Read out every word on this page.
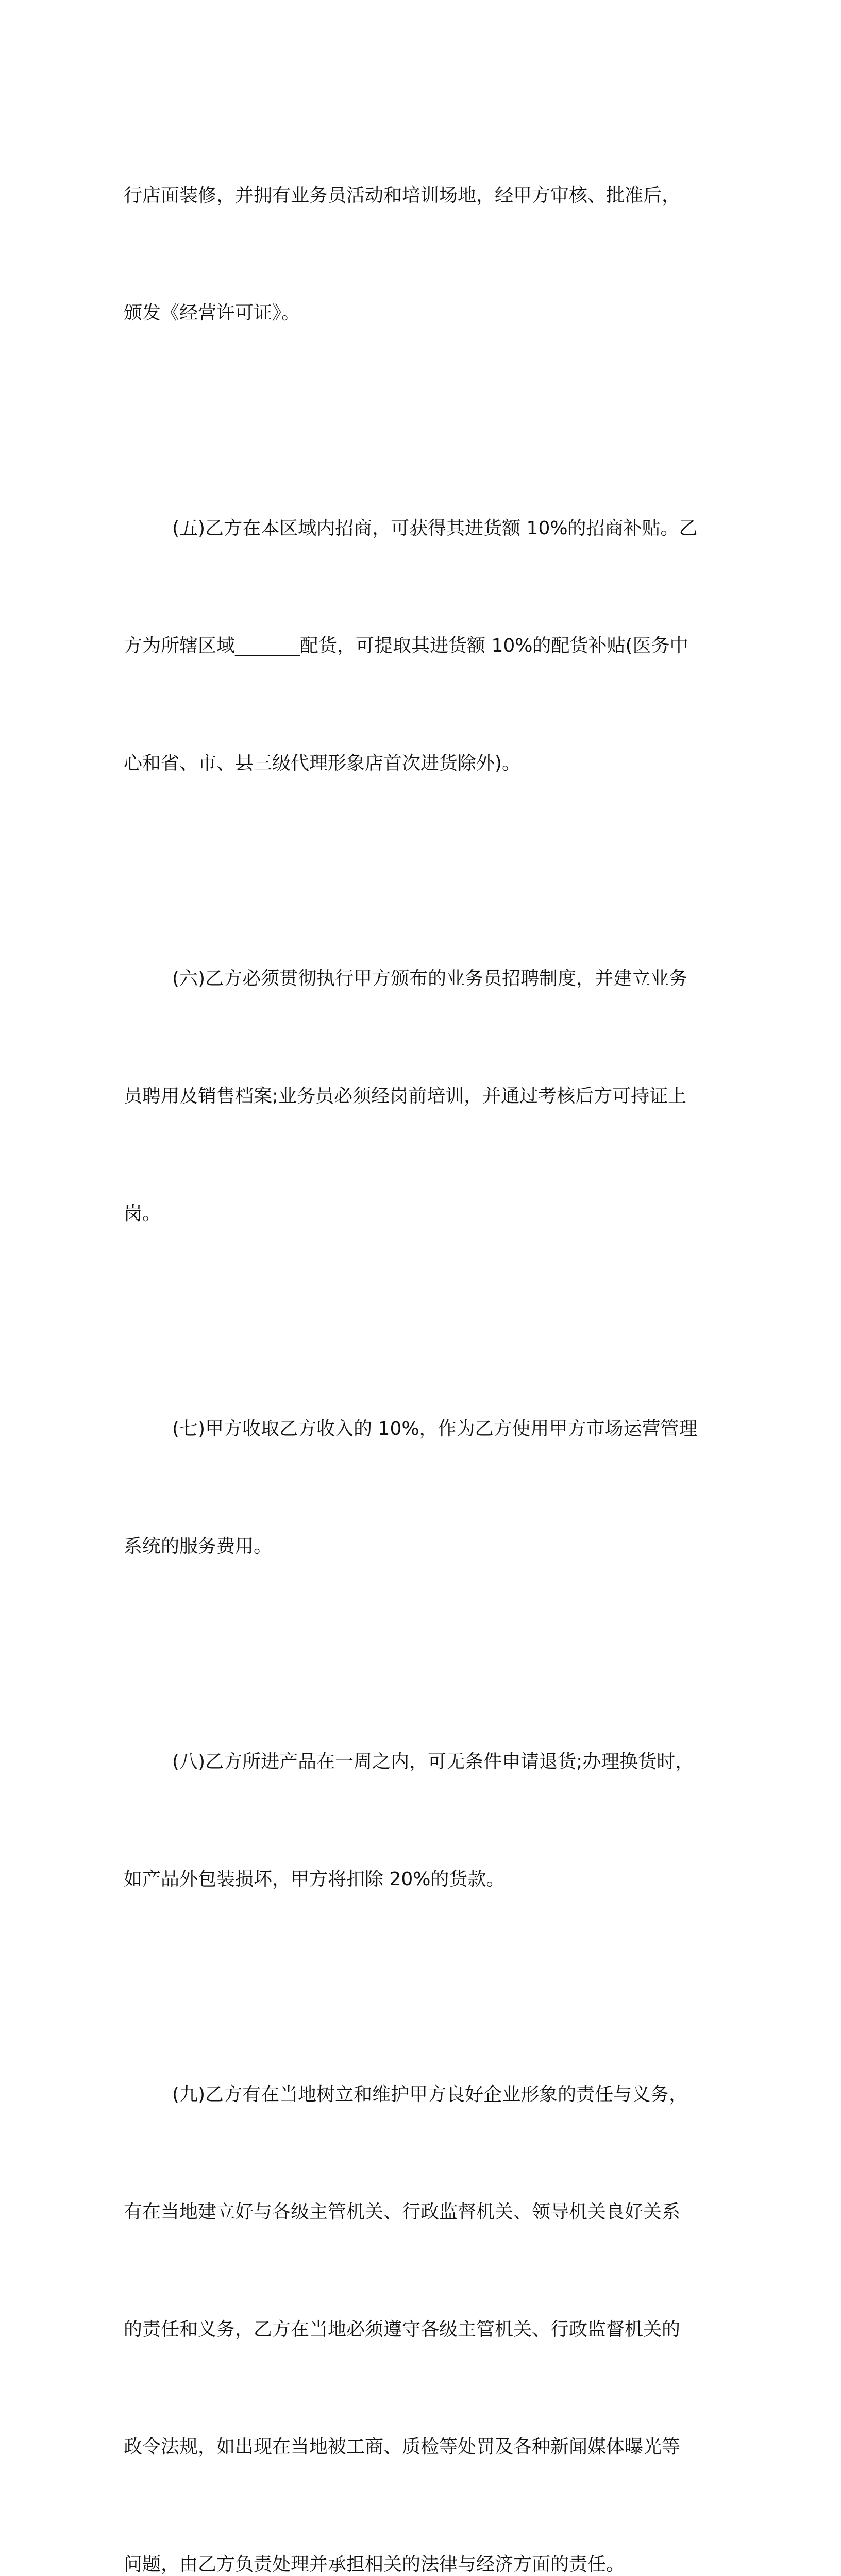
行店面装修，并拥有业务员活动和培训场地，经甲方审核、批准后，

颁发《经营许可证》。

(五)乙方在本区域内招商，可获得其进货额 10%的招商补贴。乙

方为所辖区域_______配货，可提取其进货额 10%的配货补贴(医务中

心和省、市、县三级代理形象店首次进货除外)。

(六)乙方必须贯彻执行甲方颁布的业务员招聘制度，并建立业务

员聘用及销售档案;业务员必须经岗前培训，并通过考核后方可持证上

岗。

(七)甲方收取乙方收入的 10%，作为乙方使用甲方市场运营管理

系统的服务费用。

(八)乙方所进产品在一周之内，可无条件申请退货;办理换货时，

如产品外包装损坏，甲方将扣除 20%的货款。

(九)乙方有在当地树立和维护甲方良好企业形象的责任与义务，

有在当地建立好与各级主管机关、行政监督机关、领导机关良好关系

的责任和义务，乙方在当地必须遵守各级主管机关、行政监督机关的

政令法规，如出现在当地被工商、质检等处罚及各种新闻媒体曝光等

问题，由乙方负责处理并承担相关的法律与经济方面的责任。
